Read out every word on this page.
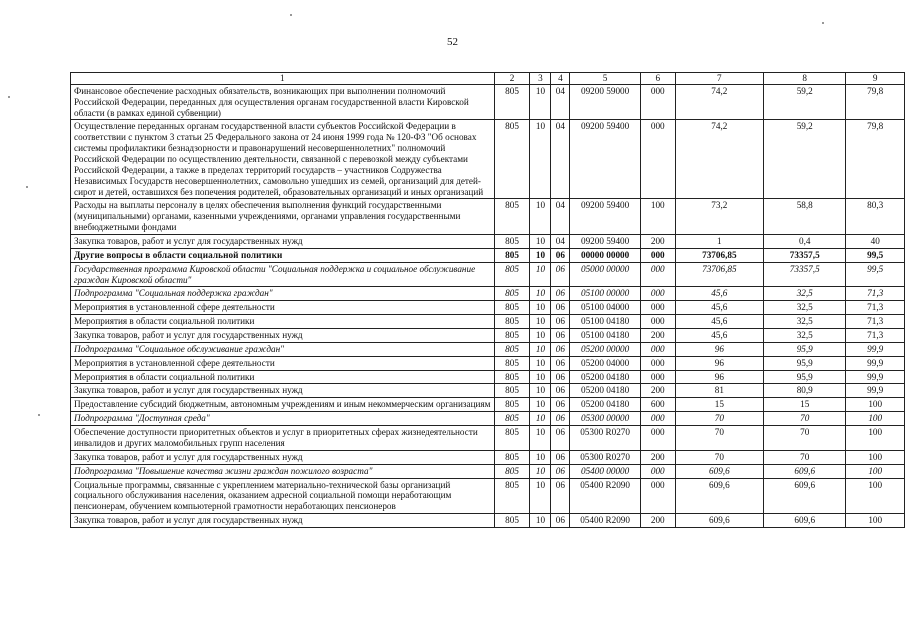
52
1	2	3	4	5	6	7	8	9
Финансовое обеспечение расходных обязательств, возникающих при выполнении полномочий Российской Федерации, переданных для осуществления органам государственной власти Кировской области (в рамках единой субвенции)	805	10	04	09200 59000	000	74,2	59,2	79,8
Осуществление переданных органам государственной власти субъектов Российской Федерации в соответствии с пунктом 3 статьи 25 Федерального закона от 24 июня 1999 года № 120-ФЗ "Об основах системы профилактики безнадзорности и правонарушений несовершеннолетних" полномочий Российской Федерации по осуществлению деятельности, связанной с перевозкой между субъектами Российской Федерации, а также в пределах территорий государств – участников Содружества Независимых Государств несовершеннолетних, самовольно ушедших из семей, организаций для детей-сирот и детей, оставшихся без попечения родителей, образовательных организаций и иных организаций	805	10	04	09200 59400	000	74,2	59,2	79,8
Расходы на выплаты персоналу в целях обеспечения выполнения функций государственными (муниципальными) органами, казенными учреждениями, органами управления государственными внебюджетными фондами	805	10	04	09200 59400	100	73,2	58,8	80,3
Закупка товаров, работ и услуг для государственных нужд	805	10	04	09200 59400	200	1	0,4	40
Другие вопросы в области социальной политики	805	10	06	00000 00000	000	73706,85	73357,5	99,5
Государственная программа Кировской области "Социальная поддержка и социальное обслуживание граждан Кировской области"	805	10	06	05000 00000	000	73706,85	73357,5	99,5
Подпрограмма "Социальная поддержка граждан"	805	10	06	05100 00000	000	45,6	32,5	71,3
Мероприятия в установленной сфере деятельности	805	10	06	05100 04000	000	45,6	32,5	71,3
Мероприятия в области социальной политики	805	10	06	05100 04180	000	45,6	32,5	71,3
Закупка товаров, работ и услуг для государственных нужд	805	10	06	05100 04180	200	45,6	32,5	71,3
Подпрограмма "Социальное обслуживание граждан"	805	10	06	05200 00000	000	96	95,9	99,9
Мероприятия в установленной сфере деятельности	805	10	06	05200 04000	000	96	95,9	99,9
Мероприятия в области социальной политики	805	10	06	05200 04180	000	96	95,9	99,9
Закупка товаров, работ и услуг для государственных нужд	805	10	06	05200 04180	200	81	80,9	99,9
Предоставление субсидий бюджетным, автономным учреждениям и иным некоммерческим организациям	805	10	06	05200 04180	600	15	15	100
Подпрограмма "Доступная среда"	805	10	06	05300 00000	000	70	70	100
Обеспечение доступности приоритетных объектов и услуг в приоритетных сферах жизнедеятельности инвалидов и других маломобильных групп населения	805	10	06	05300 R0270	000	70	70	100
Закупка товаров, работ и услуг для государственных нужд	805	10	06	05300 R0270	200	70	70	100
Подпрограмма "Повышение качества жизни граждан пожилого возраста"	805	10	06	05400 00000	000	609,6	609,6	100
Социальные программы, связанные с укреплением материально-технической базы организаций социального обслуживания населения, оказанием адресной социальной помощи неработающим пенсионерам, обучением компьютерной грамотности неработающих пенсионеров	805	10	06	05400 R2090	000	609,6	609,6	100
Закупка товаров, работ и услуг для государственных нужд	805	10	06	05400 R2090	200	609,6	609,6	100
